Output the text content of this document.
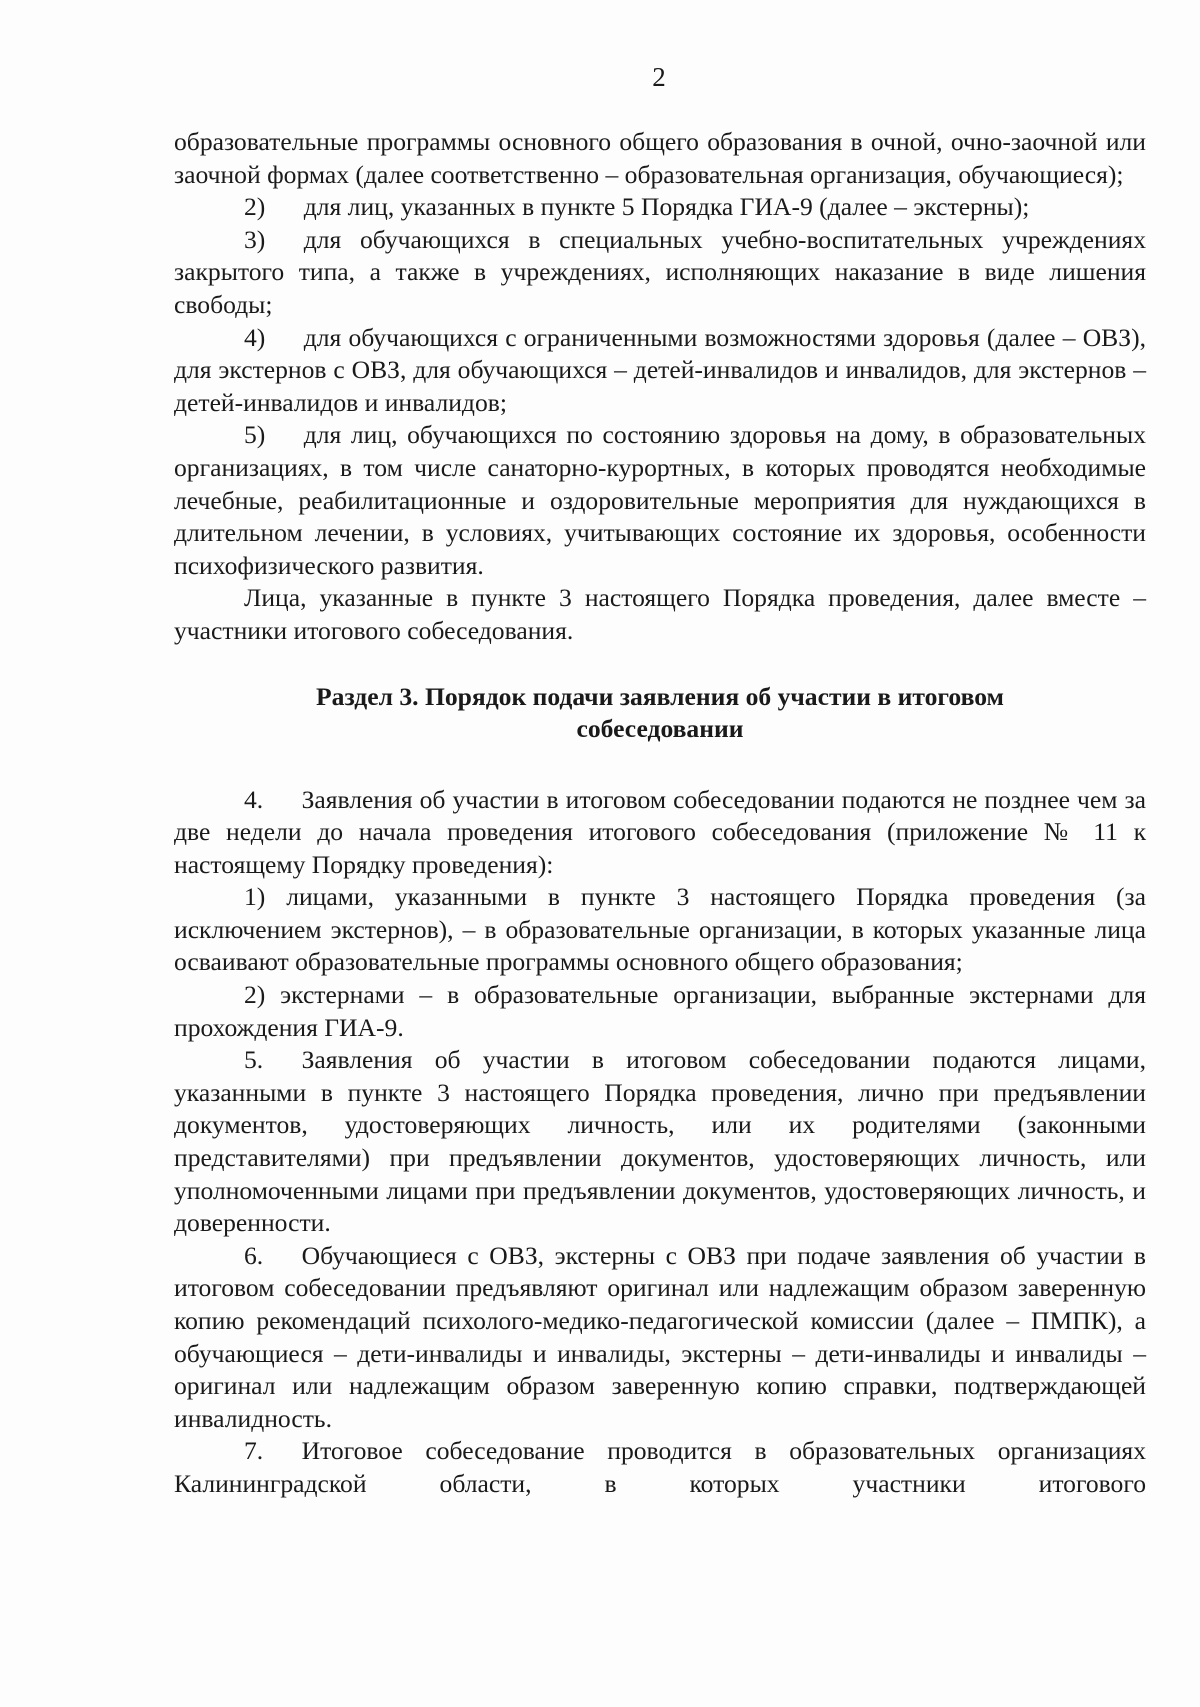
2

образовательные программы основного общего образования в очной, очно-заочной или заочной формах (далее соответственно – образовательная организация, обучающиеся);

2)  для лиц, указанных в пункте 5 Порядка ГИА-9 (далее – экстерны);

3)  для обучающихся в специальных учебно-воспитательных учреждениях закрытого типа, а также в учреждениях, исполняющих наказание в виде лишения свободы;

4)  для обучающихся с ограниченными возможностями здоровья (далее – ОВЗ), для экстернов с ОВЗ, для обучающихся – детей-инвалидов и инвалидов, для экстернов – детей-инвалидов и инвалидов;

5)  для лиц, обучающихся по состоянию здоровья на дому, в образовательных организациях, в том числе санаторно-курортных, в которых проводятся необходимые лечебные, реабилитационные и оздоровительные мероприятия для нуждающихся в длительном лечении, в условиях, учитывающих состояние их здоровья, особенности психофизического развития.

Лица, указанные в пункте 3 настоящего Порядка проведения, далее вместе – участники итогового собеседования.

Раздел 3. Порядок подачи заявления об участии в итоговом
собеседовании

4.  Заявления об участии в итоговом собеседовании подаются не позднее чем за две недели до начала проведения итогового собеседования (приложение № 11 к настоящему Порядку проведения):

1) лицами, указанными в пункте 3 настоящего Порядка проведения (за исключением экстернов), – в образовательные организации, в которых указанные лица осваивают образовательные программы основного общего образования;

2) экстернами – в образовательные организации, выбранные экстернами для прохождения ГИА-9.

5.  Заявления об участии в итоговом собеседовании подаются лицами, указанными в пункте 3 настоящего Порядка проведения, лично при предъявлении документов, удостоверяющих личность, или их родителями (законными представителями) при предъявлении документов, удостоверяющих личность, или уполномоченными лицами при предъявлении документов, удостоверяющих личность, и доверенности.

6.  Обучающиеся с ОВЗ, экстерны с ОВЗ при подаче заявления об участии в итоговом собеседовании предъявляют оригинал или надлежащим образом заверенную копию рекомендаций психолого-медико-педагогической комиссии (далее – ПМПК), а обучающиеся – дети-инвалиды и инвалиды, экстерны – дети-инвалиды и инвалиды – оригинал или надлежащим образом заверенную копию справки, подтверждающей инвалидность.

7.  Итоговое собеседование проводится в образовательных организациях Калининградской области, в которых участники итогового
